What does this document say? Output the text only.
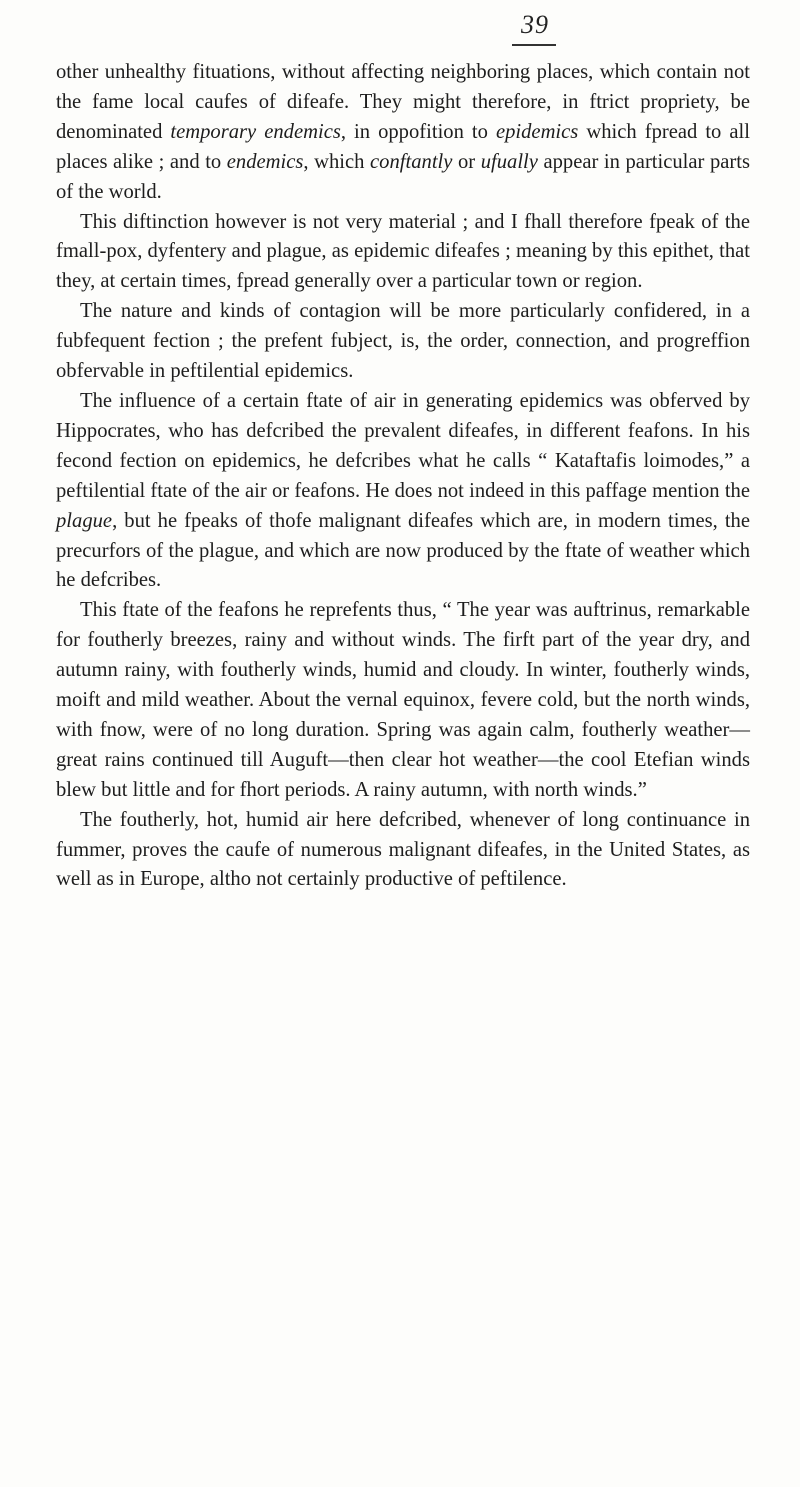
39

other unhealthy fituations, without affecting neighboring places, which contain not the fame local caufes of difeafe. They might therefore, in ftrict propriety, be denominated temporary endemics, in oppofition to epidemics which fpread to all places alike ; and to endemics, which conftantly or ufually appear in particular parts of the world.

This diftinction however is not very material ; and I fhall therefore fpeak of the fmall-pox, dyfentery and plague, as epidemic difeafes ; meaning by this epithet, that they, at certain times, fpread generally over a particular town or region.

The nature and kinds of contagion will be more particularly confidered, in a fubfequent fection ; the prefent fubject, is, the order, connection, and progreffion obfervable in peftilential epidemics.

The influence of a certain ftate of air in generating epidemics was obferved by Hippocrates, who has defcribed the prevalent difeafes, in different feafons. In his fecond fection on epidemics, he defcribes what he calls “ Kataftafis loimodes,” a peftilential ftate of the air or feafons. He does not indeed in this paffage mention the plague, but he fpeaks of thofe malignant difeafes which are, in modern times, the precurfors of the plague, and which are now produced by the ftate of weather which he defcribes.

This ftate of the feafons he reprefents thus, “ The year was auftrinus, remarkable for foutherly breezes, rainy and without winds. The firft part of the year dry, and autumn rainy, with foutherly winds, humid and cloudy. In winter, foutherly winds, moift and mild weather. About the vernal equinox, fevere cold, but the north winds, with fnow, were of no long duration. Spring was again calm, foutherly weather—great rains continued till Auguft—then clear hot weather—the cool Etefian winds blew but little and for fhort periods. A rainy autumn, with north winds.”

The foutherly, hot, humid air here defcribed, whenever of long continuance in fummer, proves the caufe of numerous malignant difeafes, in the United States, as well as in Europe, altho not certainly productive of peftilence.
